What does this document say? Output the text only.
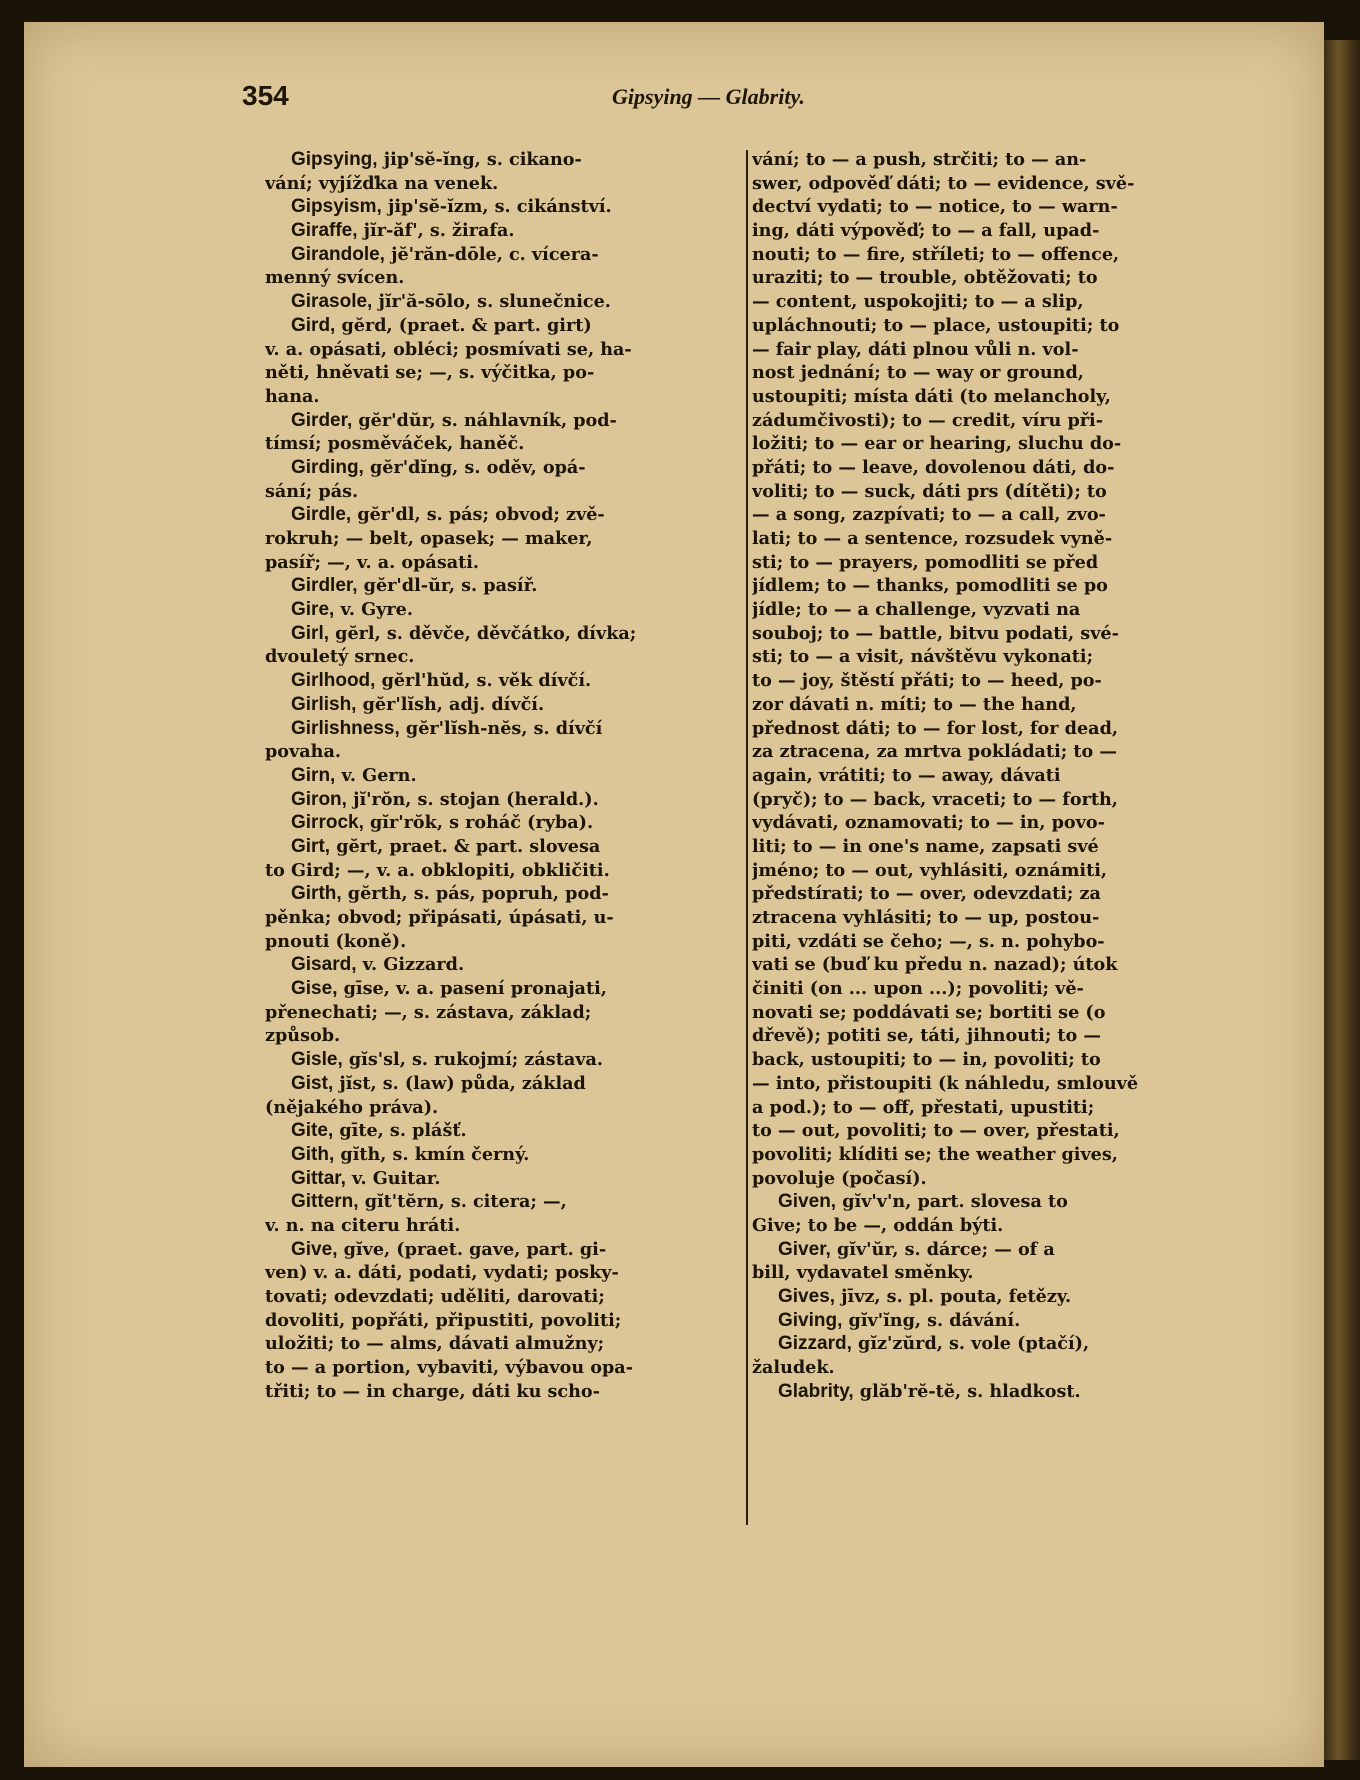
354	Gipsying — Glabrity.
Gipsying, jip'sĕ-ĭng, s. cikano-
vání; vyjížďka na venek.
Gipsyism, jip'sĕ-ĭzm, s. cikánství.
Giraffe, jĭr-ăf', s. žirafa.
Girandole, jĕ'răn-dōle, c. vícera-
menný svícen.
Girasole, jĭr'ă-sōlo, s. slunečnice.
Gird, gĕrd, (praet. & part. girt)
v. a. opásati, obléci; posmívati se, ha-
něti, hněvati se; —, s. výčitka, po-
hana.
Girder, gĕr'dŭr, s. náhlavník, pod-
tímsí; posměváček, haněč.
Girding, gĕr'dĭng, s. oděv, opá-
sání; pás.
Girdle, gĕr'dl, s. pás; obvod; zvě-
rokruh; — belt, opasek; — maker,
pasíř; —, v. a. opásati.
Girdler, gĕr'dl-ŭr, s. pasíř.
Gire, v. Gyre.
Girl, gĕrl, s. děvče, děvčátko, dívka;
dvouletý srnec.
Girlhood, gĕrl'hŭd, s. věk dívčí.
Girlish, gĕr'lĭsh, adj. dívčí.
Girlishness, gĕr'lĭsh-nĕs, s. dívčí
povaha.
Girn, v. Gern.
Giron, jĭ'rŏn, s. stojan (herald.).
Girrock, gĭr'rŏk, s roháč (ryba).
Girt, gĕrt, praet. & part. slovesa
to Gird; —, v. a. obklopiti, obkličiti.
Girth, gĕrth, s. pás, popruh, pod-
pěnka; obvod; připásati, úpásati, u-
pnouti (koně).
Gisard, v. Gizzard.
Gise, gīse, v. a. pasení pronajati,
přenechati; —, s. zástava, základ;
způsob.
Gisle, gĭs'sl, s. rukojmí; zástava.
Gist, jĭst, s. (law) půda, základ
(nějakého práva).
Gite, gīte, s. plášť.
Gith, gĭth, s. kmín černý.
Gittar, v. Guitar.
Gittern, gĭt'tĕrn, s. citera; —,
v. n. na citeru hráti.
Give, gĭve, (praet. gave, part. gi-
ven) v. a. dáti, podati, vydati; posky-
tovati; odevzdati; uděliti, darovati;
dovoliti, popřáti, připustiti, povoliti;
uložiti; to — alms, dávati almužny;
to — a portion, vybaviti, výbavou opa-
třiti; to — in charge, dáti ku scho-
vání; to — a push, strčiti; to — an-
swer, odpověď dáti; to — evidence, svě-
dectví vydati; to — notice, to — warn-
ing, dáti výpověď; to — a fall, upad-
nouti; to — fire, stříleti; to — offence,
uraziti; to — trouble, obtěžovati; to
— content, uspokojiti; to — a slip,
upláchnouti; to — place, ustoupiti; to
— fair play, dáti plnou vůli n. vol-
nost jednání; to — way or ground,
ustoupiti; místa dáti (to melancholy,
zádumčivosti); to — credit, víru při-
ložiti; to — ear or hearing, sluchu do-
přáti; to — leave, dovolenou dáti, do-
voliti; to — suck, dáti prs (dítěti); to
— a song, zazpívati; to — a call, zvo-
lati; to — a sentence, rozsudek vyně-
sti; to — prayers, pomodliti se před
jídlem; to — thanks, pomodliti se po
jídle; to — a challenge, vyzvati na
souboj; to — battle, bitvu podati, své-
sti; to — a visit, návštěvu vykonati;
to — joy, štěstí přáti; to — heed, po-
zor dávati n. míti; to — the hand,
přednost dáti; to — for lost, for dead,
za ztracena, za mrtva pokládati; to —
again, vrátiti; to — away, dávati
(pryč); to — back, vraceti; to — forth,
vydávati, oznamovati; to — in, povo-
liti; to — in one's name, zapsati své
jméno; to — out, vyhlásiti, oznámiti,
předstírati; to — over, odevzdati; za
ztracena vyhlásiti; to — up, postou-
piti, vzdáti se čeho; —, s. n. pohybo-
vati se (buď ku předu n. nazad); útok
činiti (on ... upon ...); povoliti; vě-
novati se; poddávati se; bortiti se (o
dřevě); potiti se, táti, jihnouti; to —
back, ustoupiti; to — in, povoliti; to
— into, přistoupiti (k náhledu, smlouvě
a pod.); to — off, přestati, upustiti;
to — out, povoliti; to — over, přestati,
povoliti; klíditi se; the weather gives,
povoluje (počasí).
Given, gĭv'v'n, part. slovesa to
Give; to be —, oddán býti.
Giver, gĭv'ŭr, s. dárce; — of a
bill, vydavatel směnky.
Gives, jīvz, s. pl. pouta, fetězy.
Giving, gĭv'ĭng, s. dávání.
Gizzard, gĭz'zŭrd, s. vole (ptačí),
žaludek.
Glabrity, glăb'rĕ-tĕ, s. hladkost.
